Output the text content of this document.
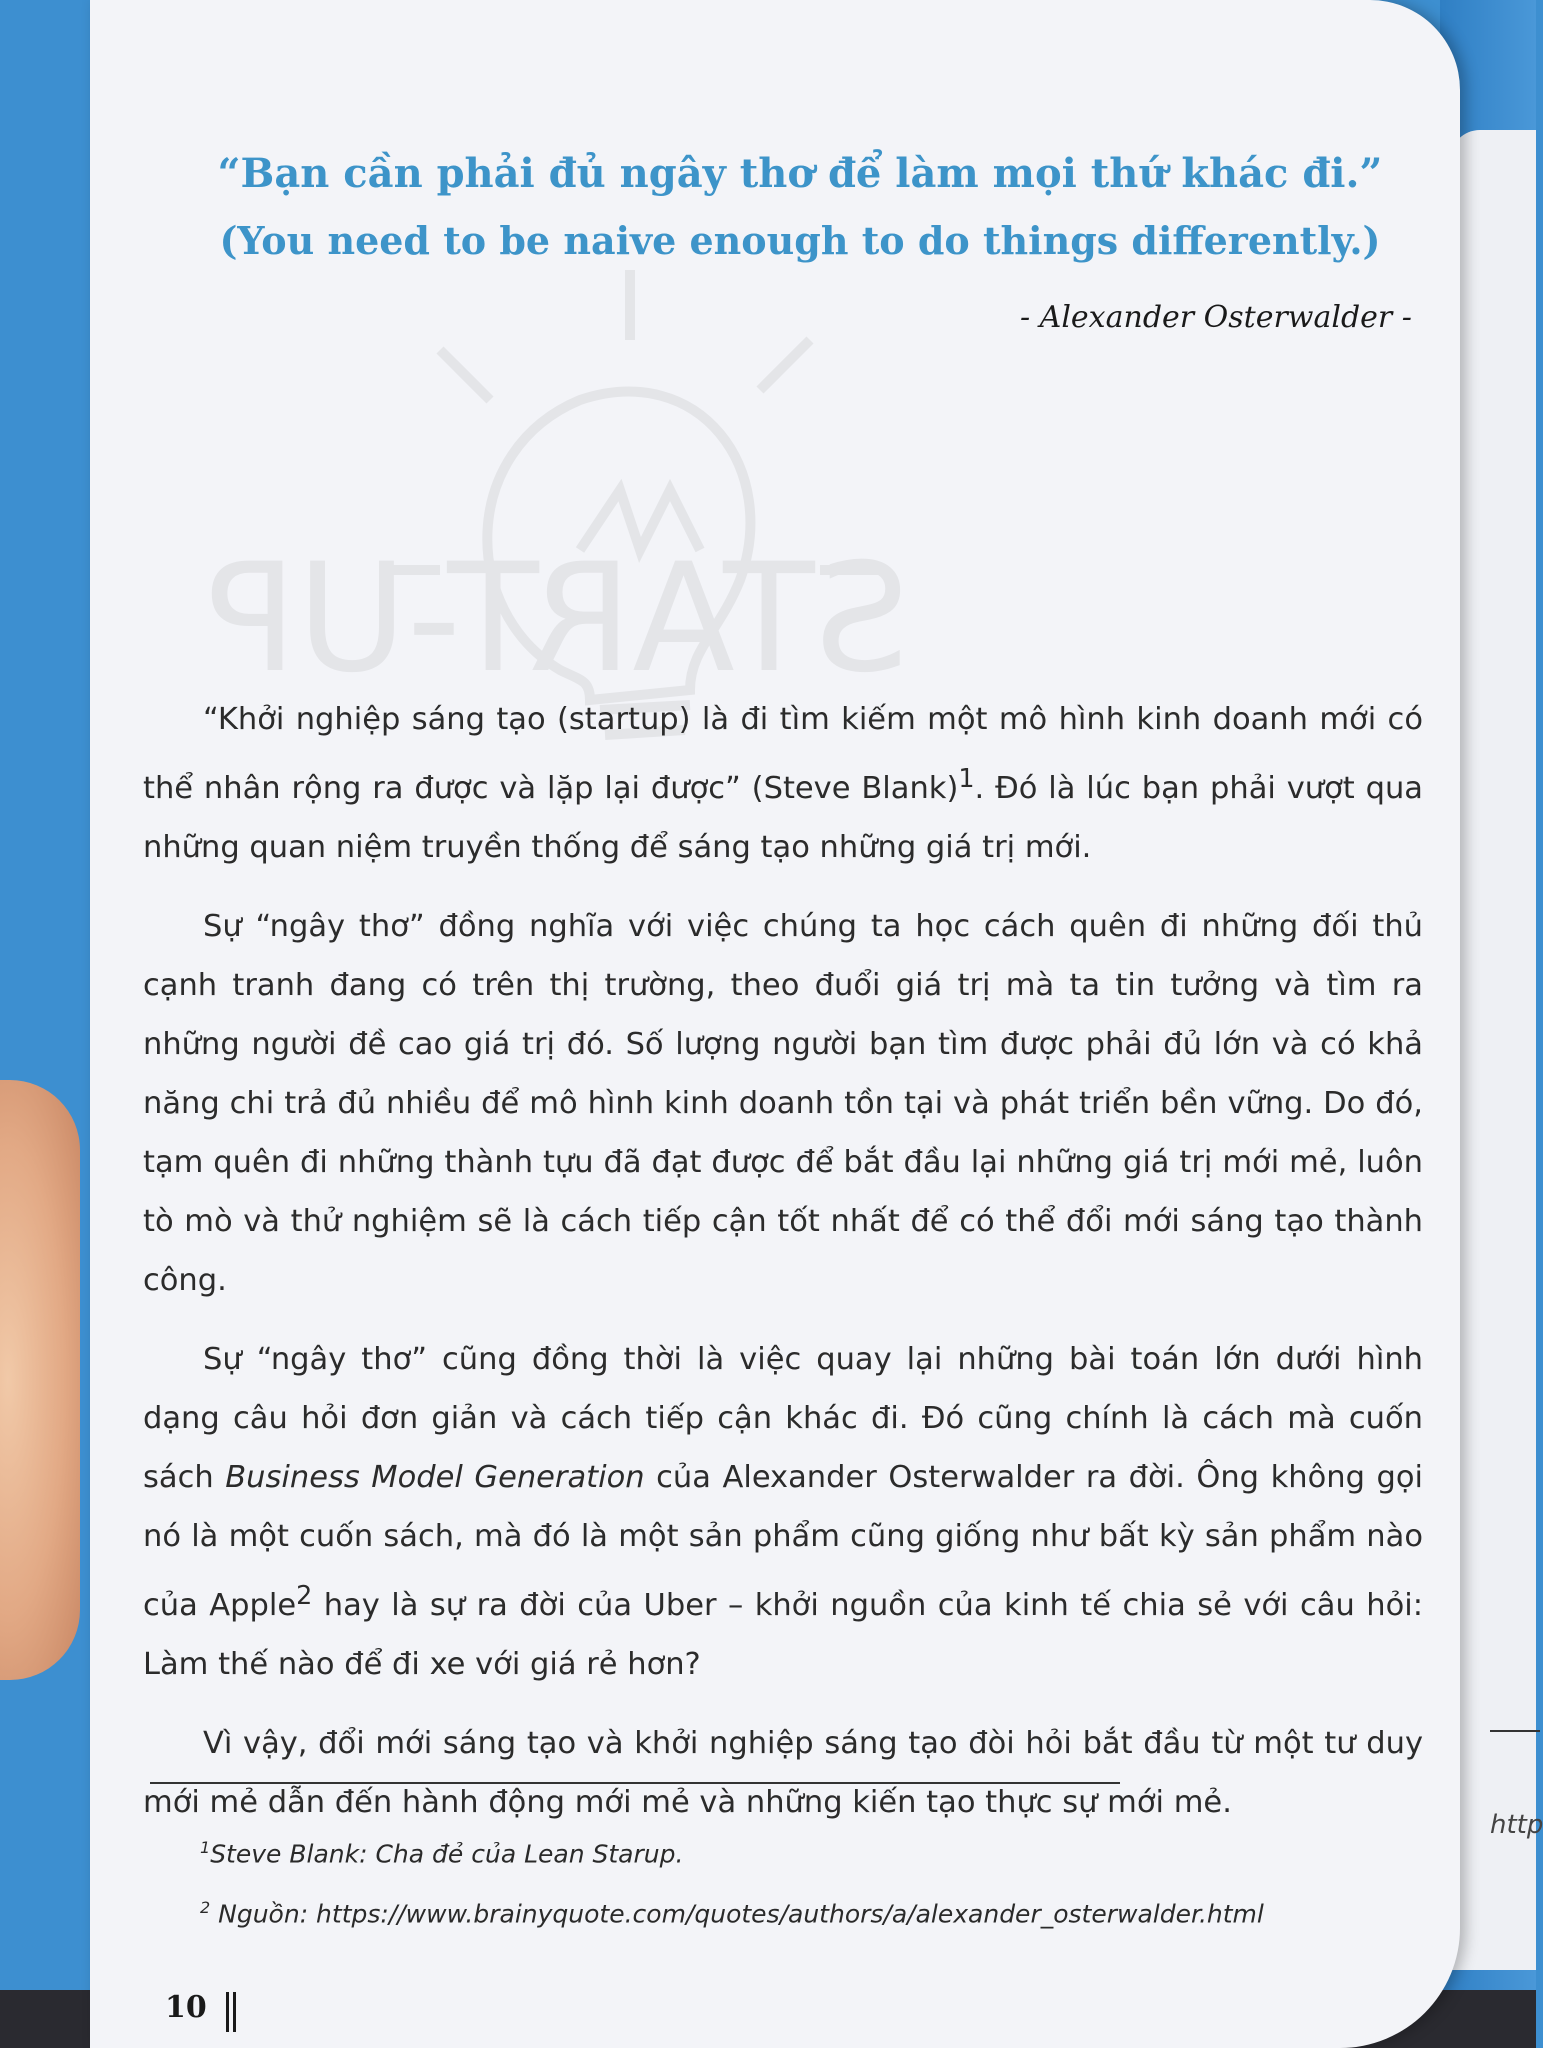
http
START-UP
“Bạn cần phải đủ ngây thơ để làm mọi thứ khác đi.”
(You need to be naive enough to do things differently.)
- Alexander Osterwalder -

“Khởi nghiệp sáng tạo (startup) là đi tìm kiếm một mô hình kinh doanh mới có thể nhân rộng ra được và lặp lại được” (Steve Blank)$^1$. Đó là lúc bạn phải vượt qua những quan niệm truyền thống để sáng tạo những giá trị mới.

Sự “ngây thơ” đồng nghĩa với việc chúng ta học cách quên đi những đối thủ cạnh tranh đang có trên thị trường, theo đuổi giá trị mà ta tin tưởng và tìm ra những người đề cao giá trị đó. Số lượng người bạn tìm được phải đủ lớn và có khả năng chi trả đủ nhiều để mô hình kinh doanh tồn tại và phát triển bền vững. Do đó, tạm quên đi những thành tựu đã đạt được để bắt đầu lại những giá trị mới mẻ, luôn tò mò và thử nghiệm sẽ là cách tiếp cận tốt nhất để có thể đổi mới sáng tạo thành công.

Sự “ngây thơ” cũng đồng thời là việc quay lại những bài toán lớn dưới hình dạng câu hỏi đơn giản và cách tiếp cận khác đi. Đó cũng chính là cách mà cuốn sách Business Model Generation của Alexander Osterwalder ra đời. Ông không gọi nó là một cuốn sách, mà đó là một sản phẩm cũng giống như bất kỳ sản phẩm nào của Apple$^2$ hay là sự ra đời của Uber – khởi nguồn của kinh tế chia sẻ với câu hỏi: Làm thế nào để đi xe với giá rẻ hơn?

Vì vậy, đổi mới sáng tạo và khởi nghiệp sáng tạo đòi hỏi bắt đầu từ một tư duy mới mẻ dẫn đến hành động mới mẻ và những kiến tạo thực sự mới mẻ.

$^1$Steve Blank: Cha đẻ của Lean Starup.
$^2$ Nguồn: https://www.brainyquote.com/quotes/authors/a/alexander_osterwalder.html
10
